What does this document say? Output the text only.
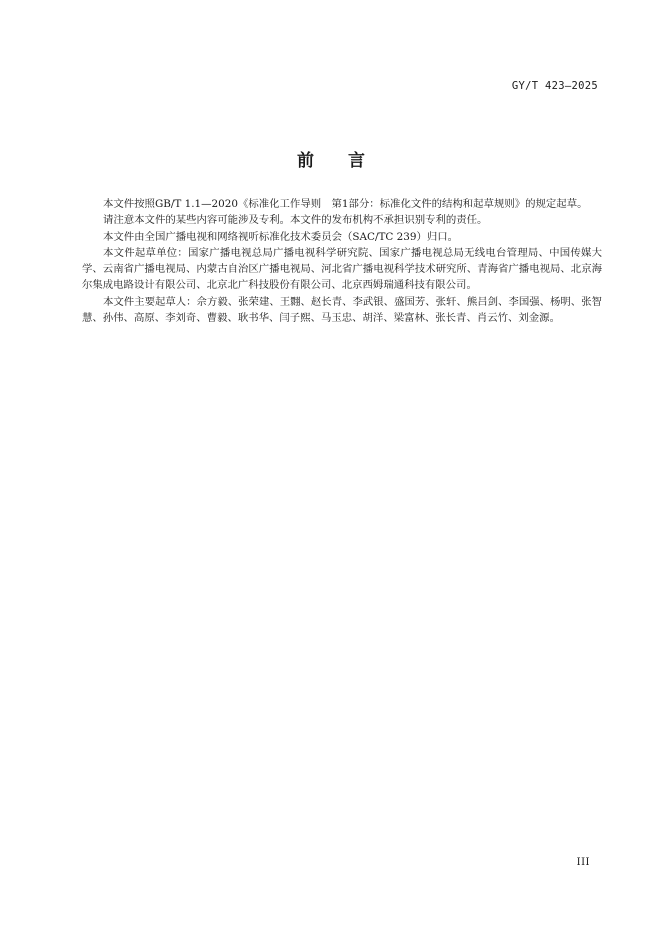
GY/T 423—2025
前 言

本文件按照GB/T 1.1—2020《标准化工作导则　第1部分：标准化文件的结构和起草规则》的规定起草。

请注意本文件的某些内容可能涉及专利。本文件的发布机构不承担识别专利的责任。

本文件由全国广播电视和网络视听标准化技术委员会（SAC/TC 239）归口。

本文件起草单位：国家广播电视总局广播电视科学研究院、国家广播电视总局无线电台管理局、中国传媒大学、云南省广播电视局、内蒙古自治区广播电视局、河北省广播电视科学技术研究所、青海省广播电视局、北京海尔集成电路设计有限公司、北京北广科技股份有限公司、北京西姆瑞通科技有限公司。

本文件主要起草人：佘方毅、张荣建、王翾、赵长青、李武银、盛国芳、张轩、熊吕剑、李国强、杨明、张智慧、孙伟、高原、李刘奇、曹毅、耿书华、闫子熙、马玉忠、胡洋、梁富林、张长青、肖云竹、刘金源。

III
